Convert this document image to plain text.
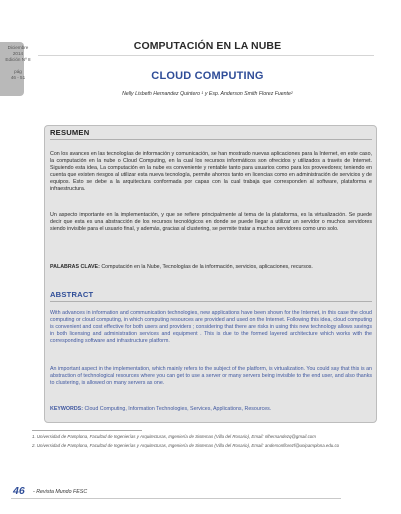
Diciembre
2014
Edición Nº 8
pág
46 - 51
COMPUTACIÓN EN LA NUBE
CLOUD COMPUTING
Nelly Lisbeth Hernandez Quintero $^1$ y Esp. Anderson Smith Florez Fuente$^2$
RESUMEN
Con los avances en las tecnologías de información y comunicación, se han mostrado nuevas aplicaciones para la Internet, en este caso, la computación en la nube o Cloud Computing, en la cual los recursos informáticos son ofrecidos y utilizados a través de Internet. Siguiendo esta idea, La computación en la nube es conveniente y rentable tanto para usuarios como para los proveedores; teniendo en cuenta que existen riesgos al utilizar esta nueva tecnología, permite ahorros tanto en licencias como en administración de servicios y de equipos. Esto se debe a la arquitectura conformada por capas con la cual trabaja que corresponden al software, plataforma e infraestructura.
Un aspecto importante en la implementación, y que se refiere principalmente al tema de la plataforma, es la virtualización. Se puede decir que esta es una abstracción de los recursos tecnológicos en donde se puede llegar a utilizar un servidor o muchos servidores siendo invisible para el usuario final, y además, gracias al clustering, se permite tratar a muchos servidores como uno solo.
PALABRAS CLAVE: Computación en la Nube, Tecnologías de la información, servicios, aplicaciones, recursos.
ABSTRACT
With advances in information and communication technologies, new applications have been shown for the Internet, in this case the cloud computing or cloud computing, in which computing resources are provided and used on the Internet. Following this idea, cloud computing is convenient and cost effective for both users and providers ; considering that there are risks in using this new technology allows savings in both licensing and administration services and equipment . This is due to the formed layered architecture which works with the corresponding software and infrastructure platform.
An important aspect in the implementation, which mainly refers to the subject of the platform, is virtualization. You could say that this is an abstraction of technological resources where you can get to use a server or many servers being invisible to the end user, and also thanks to clustering, is allowed on many servers as one.
KEYWORDS: Cloud Computing, Information Technologies, Services, Applications, Resources.
1. Universidad de Pamplona, Facultad de Ingenierías y Arquitecturas, Ingeniería de Sistemas (Villa del Rosario), Email: nlhernandezq@gmail.com
2. Universidad de Pamplona, Facultad de Ingenierías y Arquitecturas, Ingeniería de Sistemas (Villa del Rosario), Email: andersonflorezf@unipamplona.edu.co
46 - Revista Mundo FESC
